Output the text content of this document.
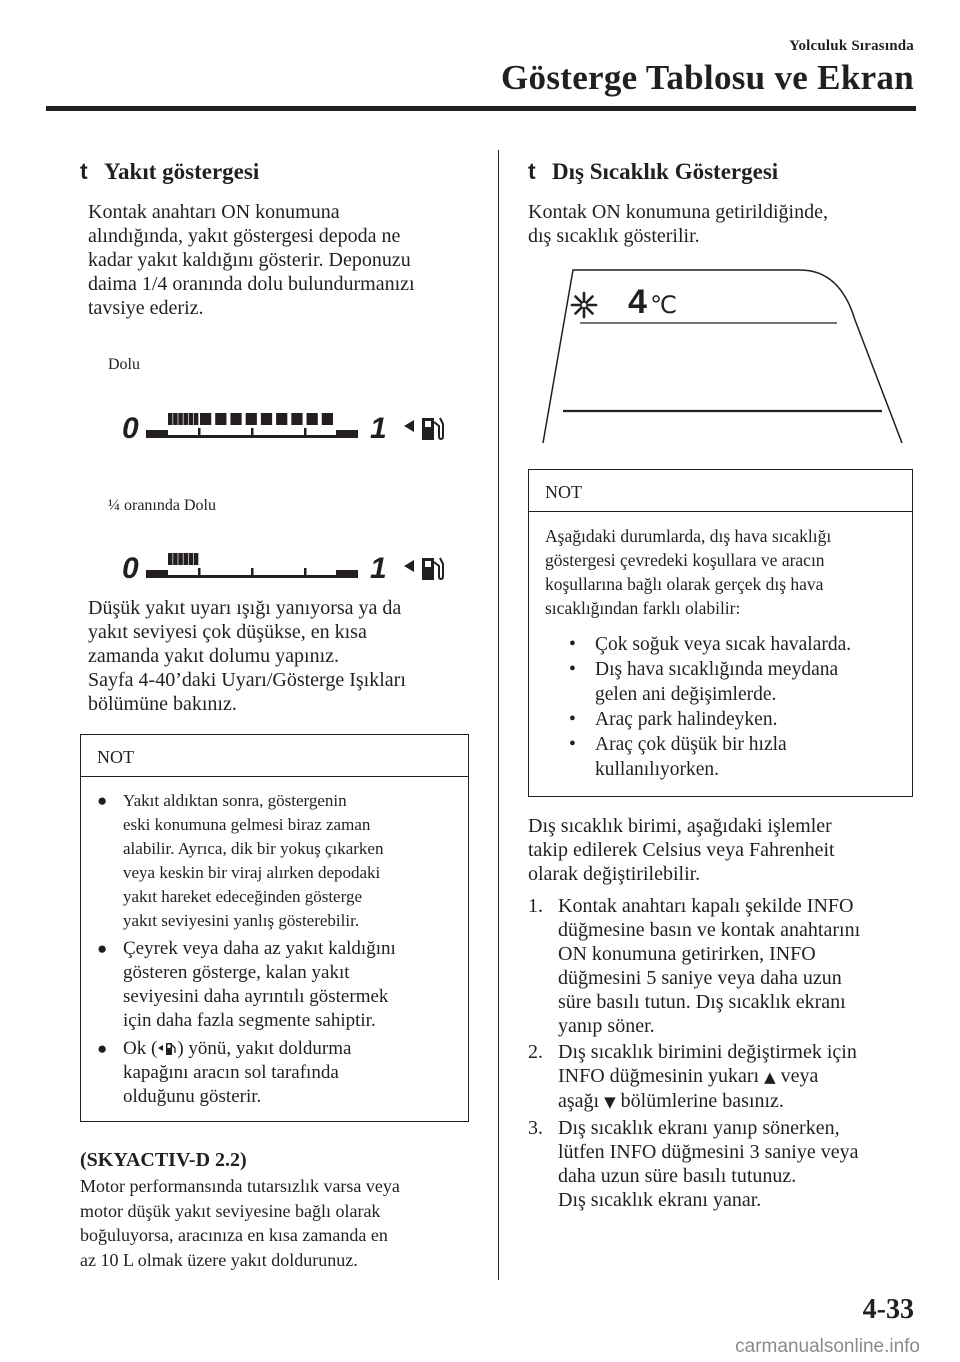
Yolculuk Sırasında
Gösterge Tablosu ve Ekran
t Yakıt göstergesi
Kontak anahtarı ON konumuna
alındığında, yakıt göstergesi depoda ne
kadar yakıt kaldığını gösterir. Deponuzu
daima 1/4 oranında dolu bulundurmanızı
tavsiye ederiz.
Dolu
0	1
¼ oranında Dolu
0	1
Düşük yakıt uyarı ışığı yanıyorsa ya da
yakıt seviyesi çok düşükse, en kısa
zamanda yakıt dolumu yapınız.
Sayfa 4-40’daki Uyarı/Gösterge Işıkları
bölümüne bakınız.
NOT
● Yakıt aldıktan sonra, göstergenin
eski konumuna gelmesi biraz zaman
alabilir. Ayrıca, dik bir yokuş çıkarken
veya keskin bir viraj alırken depodaki
yakıt hareket edeceğinden gösterge
yakıt seviyesini yanlış gösterebilir.
● Çeyrek veya daha az yakıt kaldığını
gösteren gösterge, kalan yakıt
seviyesini daha ayrıntılı göstermek
için daha fazla segmente sahiptir.
● Ok ( ) yönü, yakıt doldurma
kapağını aracın sol tarafında
olduğunu gösterir.
(SKYACTIV-D 2.2)
Motor performansında tutarsızlık varsa veya
motor düşük yakıt seviyesine bağlı olarak
boğuluyorsa, aracınıza en kısa zamanda en
az 10 L olmak üzere yakıt doldurunuz.
t Dış Sıcaklık Göstergesi
Kontak ON konumuna getirildiğinde,
dış sıcaklık gösterilir.
4 ℃
NOT
Aşağıdaki durumlarda, dış hava sıcaklığı
göstergesi çevredeki koşullara ve aracın
koşullarına bağlı olarak gerçek dış hava
sıcaklığından farklı olabilir:
• Çok soğuk veya sıcak havalarda.
• Dış hava sıcaklığında meydana
gelen ani değişimlerde.
• Araç park halindeyken.
• Araç çok düşük bir hızla
kullanılıyorken.
Dış sıcaklık birimi, aşağıdaki işlemler
takip edilerek Celsius veya Fahrenheit
olarak değiştirilebilir.
1. Kontak anahtarı kapalı şekilde INFO
düğmesine basın ve kontak anahtarını
ON konumuna getirirken, INFO
düğmesini 5 saniye veya daha uzun
süre basılı tutun. Dış sıcaklık ekranı
yanıp söner.
2. Dış sıcaklık birimini değiştirmek için
INFO düğmesinin yukarı ▲ veya
aşağı ▼ bölümlerine basınız.
3. Dış sıcaklık ekranı yanıp sönerken,
lütfen INFO düğmesini 3 saniye veya
daha uzun süre basılı tutunuz.
Dış sıcaklık ekranı yanar.
4-33
carmanualsonline.info
